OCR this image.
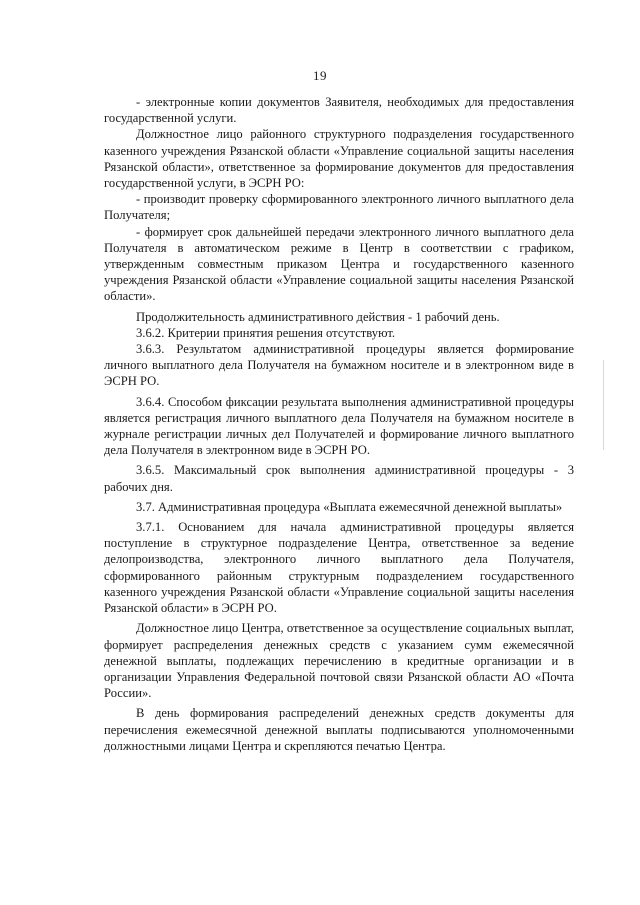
19

- электронные копии документов Заявителя, необходимых для предоставления государственной услуги.

Должностное лицо районного структурного подразделения государственного казенного учреждения Рязанской области «Управление социальной защиты населения Рязанской области», ответственное за формирование документов для предоставления государственной услуги, в ЭСРН РО:

- производит проверку сформированного электронного личного выплатного дела Получателя;

- формирует срок дальнейшей передачи электронного личного выплатного дела Получателя в автоматическом режиме в Центр в соответствии с графиком, утвержденным совместным приказом Центра и государственного казенного учреждения Рязанской области «Управление социальной защиты населения Рязанской области».

Продолжительность административного действия - 1 рабочий день.

3.6.2. Критерии принятия решения отсутствуют.

3.6.3. Результатом административной процедуры является формирование личного выплатного дела Получателя на бумажном носителе и в электронном виде в ЭСРН РО.

3.6.4. Способом фиксации результата выполнения административной процедуры является регистрация личного выплатного дела Получателя на бумажном носителе в журнале регистрации личных дел Получателей и формирование личного выплатного дела Получателя в электронном виде в ЭСРН РО.

3.6.5. Максимальный срок выполнения административной процедуры - 3 рабочих дня.

3.7. Административная процедура «Выплата ежемесячной денежной выплаты»

3.7.1. Основанием для начала административной процедуры является поступление в структурное подразделение Центра, ответственное за ведение делопроизводства, электронного личного выплатного дела Получателя, сформированного районным структурным подразделением государственного казенного учреждения Рязанской области «Управление социальной защиты населения Рязанской области» в ЭСРН РО.

Должностное лицо Центра, ответственное за осуществление социальных выплат, формирует распределения денежных средств с указанием сумм ежемесячной денежной выплаты, подлежащих перечислению в кредитные организации и в организации Управления Федеральной почтовой связи Рязанской области АО «Почта России».

В день формирования распределений денежных средств документы для перечисления ежемесячной денежной выплаты подписываются уполномоченными должностными лицами Центра и скрепляются печатью Центра.
